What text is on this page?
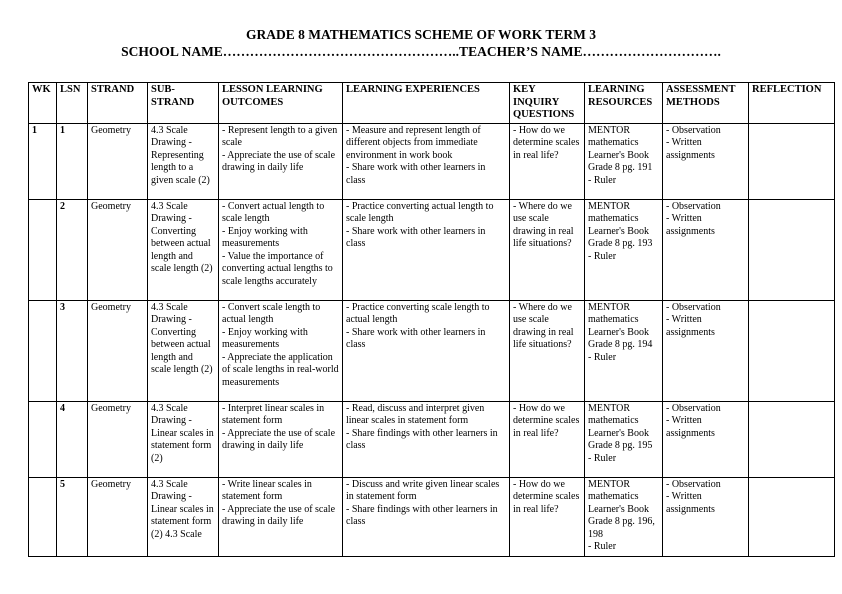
GRADE 8 MATHEMATICS SCHEME OF WORK TERM 3
SCHOOL NAME……………………………………………..TEACHER’S NAME………………………….
WK	LSN	STRAND	SUB-STRAND	LESSON LEARNING OUTCOMES	LEARNING EXPERIENCES	KEY INQUIRY QUESTIONS	LEARNING RESOURCES	ASSESSMENT METHODS	REFLECTION
1	1	Geometry	4.3 Scale Drawing - Representing length to a given scale (2)	- Represent length to a given scale
- Appreciate the use of scale drawing in daily life	- Measure and represent length of different objects from immediate environment in work book
- Share work with other learners in class	- How do we determine scales in real life?	MENTOR mathematics Learner's Book Grade 8 pg. 191
- Ruler	- Observation
- Written assignments	

	2	Geometry	4.3 Scale Drawing - Converting between actual length and scale length (2)	- Convert actual length to scale length
- Enjoy working with measurements
- Value the importance of converting actual lengths to scale lengths accurately	- Practice converting actual length to scale length
- Share work with other learners in class	- Where do we use scale drawing in real life situations?	MENTOR mathematics Learner's Book Grade 8 pg. 193
- Ruler	- Observation
- Written assignments	

	3	Geometry	4.3 Scale Drawing - Converting between actual length and scale length (2)	- Convert scale length to actual length
- Enjoy working with measurements
- Appreciate the application of scale lengths in real-world measurements	- Practice converting scale length to actual length
- Share work with other learners in class	- Where do we use scale drawing in real life situations?	MENTOR mathematics Learner's Book Grade 8 pg. 194
- Ruler	- Observation
- Written assignments	

	4	Geometry	4.3 Scale Drawing - Linear scales in statement form (2)	- Interpret linear scales in statement form
- Appreciate the use of scale drawing in daily life	- Read, discuss and interpret given linear scales in statement form
- Share findings with other learners in class	- How do we determine scales in real life?	MENTOR mathematics Learner's Book Grade 8 pg. 195
- Ruler	- Observation
- Written assignments	

	5	Geometry	4.3 Scale Drawing - Linear scales in statement form (2) 4.3 Scale	- Write linear scales in statement form
- Appreciate the use of scale drawing in daily life	- Discuss and write given linear scales in statement form
- Share findings with other learners in class	- How do we determine scales in real life?	MENTOR mathematics Learner's Book Grade 8 pg. 196, 198
- Ruler	- Observation
- Written assignments	
